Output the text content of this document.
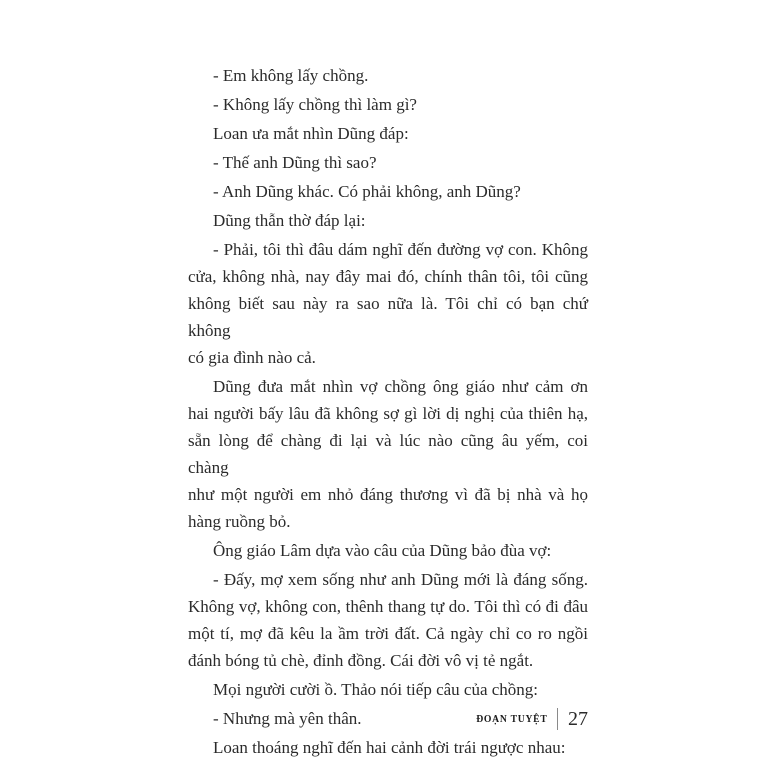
- Em không lấy chồng.
- Không lấy chồng thì làm gì?
Loan ưa mắt nhìn Dũng đáp:
- Thế anh Dũng thì sao?
- Anh Dũng khác. Có phải không, anh Dũng?
Dũng thẫn thờ đáp lại:
- Phải, tôi thì đâu dám nghĩ đến đường vợ con. Không
cửa, không nhà, nay đây mai đó, chính thân tôi, tôi cũng
không biết sau này ra sao nữa là. Tôi chỉ có bạn chứ không
có gia đình nào cả.
Dũng đưa mắt nhìn vợ chồng ông giáo như cảm ơn
hai người bấy lâu đã không sợ gì lời dị nghị của thiên hạ,
sẵn lòng để chàng đi lại và lúc nào cũng âu yếm, coi chàng
như một người em nhỏ đáng thương vì đã bị nhà và họ
hàng ruồng bỏ.
Ông giáo Lâm dựa vào câu của Dũng bảo đùa vợ:
- Đấy, mợ xem sống như anh Dũng mới là đáng sống.
Không vợ, không con, thênh thang tự do. Tôi thì có đi đâu
một tí, mợ đã kêu la ầm trời đất. Cả ngày chỉ co ro ngồi
đánh bóng tủ chè, đỉnh đồng. Cái đời vô vị tẻ ngắt.
Mọi người cười ồ. Thảo nói tiếp câu của chồng:
- Nhưng mà yên thân.
Loan thoáng nghĩ đến hai cảnh đời trái ngược nhau:
ĐOẠN TUYỆT 27
